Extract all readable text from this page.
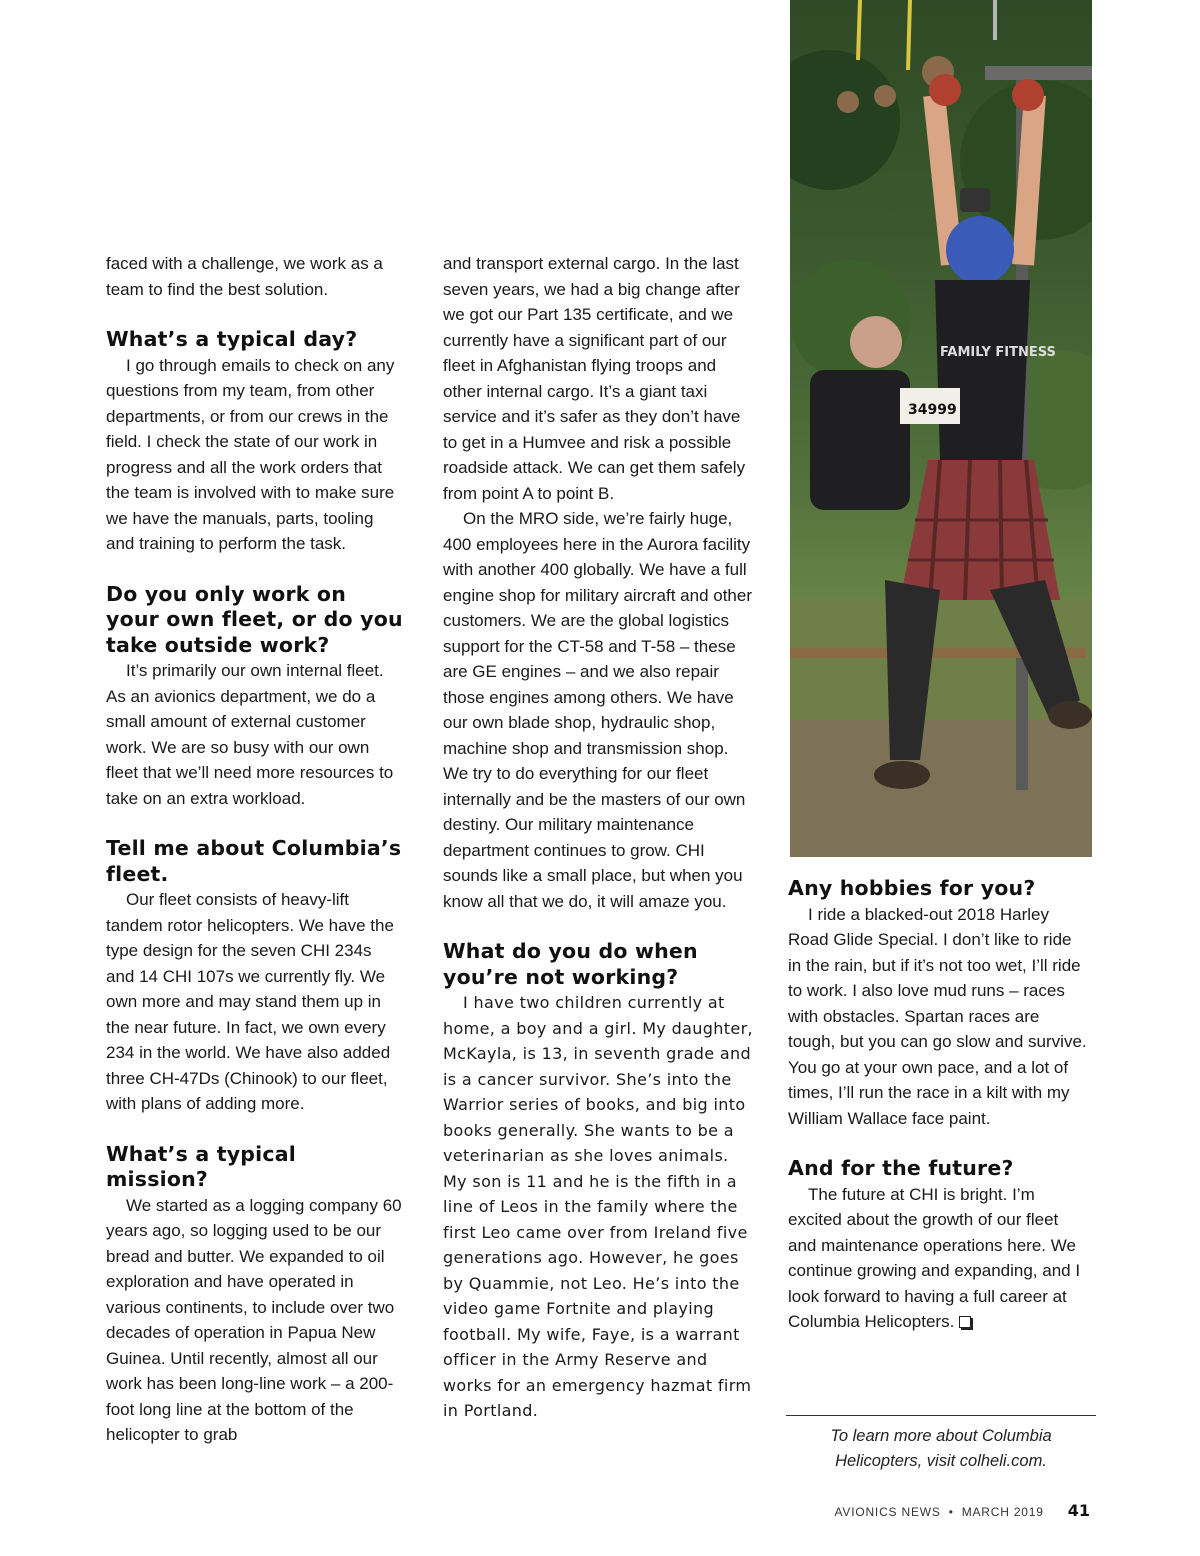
faced with a challenge, we work as a team to find the best solution.

What’s a typical day?

I go through emails to check on any questions from my team, from other departments, or from our crews in the field. I check the state of our work in progress and all the work orders that the team is involved with to make sure we have the manuals, parts, tooling and training to perform the task.

Do you only work on your own fleet, or do you take outside work?

It’s primarily our own internal fleet. As an avionics department, we do a small amount of external customer work. We are so busy with our own fleet that we’ll need more resources to take on an extra workload.

Tell me about Columbia’s fleet.

Our fleet consists of heavy-lift tandem rotor helicopters. We have the type design for the seven CHI 234s and 14 CHI 107s we currently fly. We own more and may stand them up in the near future. In fact, we own every 234 in the world. We have also added three CH-47Ds (Chinook) to our fleet, with plans of adding more.

What’s a typical mission?

We started as a logging company 60 years ago, so logging used to be our bread and butter. We expanded to oil exploration and have operated in various continents, to include over two decades of operation in Papua New Guinea. Until recently, almost all our work has been long-line work – a 200-foot long line at the bottom of the helicopter to grab

and transport external cargo. In the last seven years, we had a big change after we got our Part 135 certificate, and we currently have a significant part of our fleet in Afghanistan flying troops and other internal cargo. It’s a giant taxi service and it’s safer as they don’t have to get in a Humvee and risk a possible roadside attack. We can get them safely from point A to point B.

On the MRO side, we’re fairly huge, 400 employees here in the Aurora facility with another 400 globally. We have a full engine shop for military aircraft and other customers. We are the global logistics support for the CT-58 and T-58 – these are GE engines – and we also repair those engines among others. We have our own blade shop, hydraulic shop, machine shop and transmission shop. We try to do everything for our fleet internally and be the masters of our own destiny. Our military maintenance department continues to grow. CHI sounds like a small place, but when you know all that we do, it will amaze you.

What do you do when you’re not working?

I have two children currently at home, a boy and a girl. My daughter, McKayla, is 13, in seventh grade and is a cancer survivor. She’s into the Warrior series of books, and big into books generally. She wants to be a veterinarian as she loves animals. My son is 11 and he is the fifth in a line of Leos in the family where the first Leo came over from Ireland five generations ago. However, he goes by Quammie, not Leo. He’s into the video game Fortnite and playing football. My wife, Faye, is a warrant officer in the Army Reserve and works for an emergency hazmat firm in Portland.

FAMILY FITNESS
34999
Any hobbies for you?

I ride a blacked-out 2018 Harley Road Glide Special. I don’t like to ride in the rain, but if it’s not too wet, I’ll ride to work. I also love mud runs – races with obstacles. Spartan races are tough, but you can go slow and survive. You go at your own pace, and a lot of times, I’ll run the race in a kilt with my William Wallace face paint.

And for the future?

The future at CHI is bright. I’m excited about the growth of our fleet and maintenance operations here. We continue growing and expanding, and I look forward to having a full career at Columbia Helicopters.

To learn more about Columbia Helicopters, visit colheli.com.
AVIONICS NEWS • MARCH 2019 41
